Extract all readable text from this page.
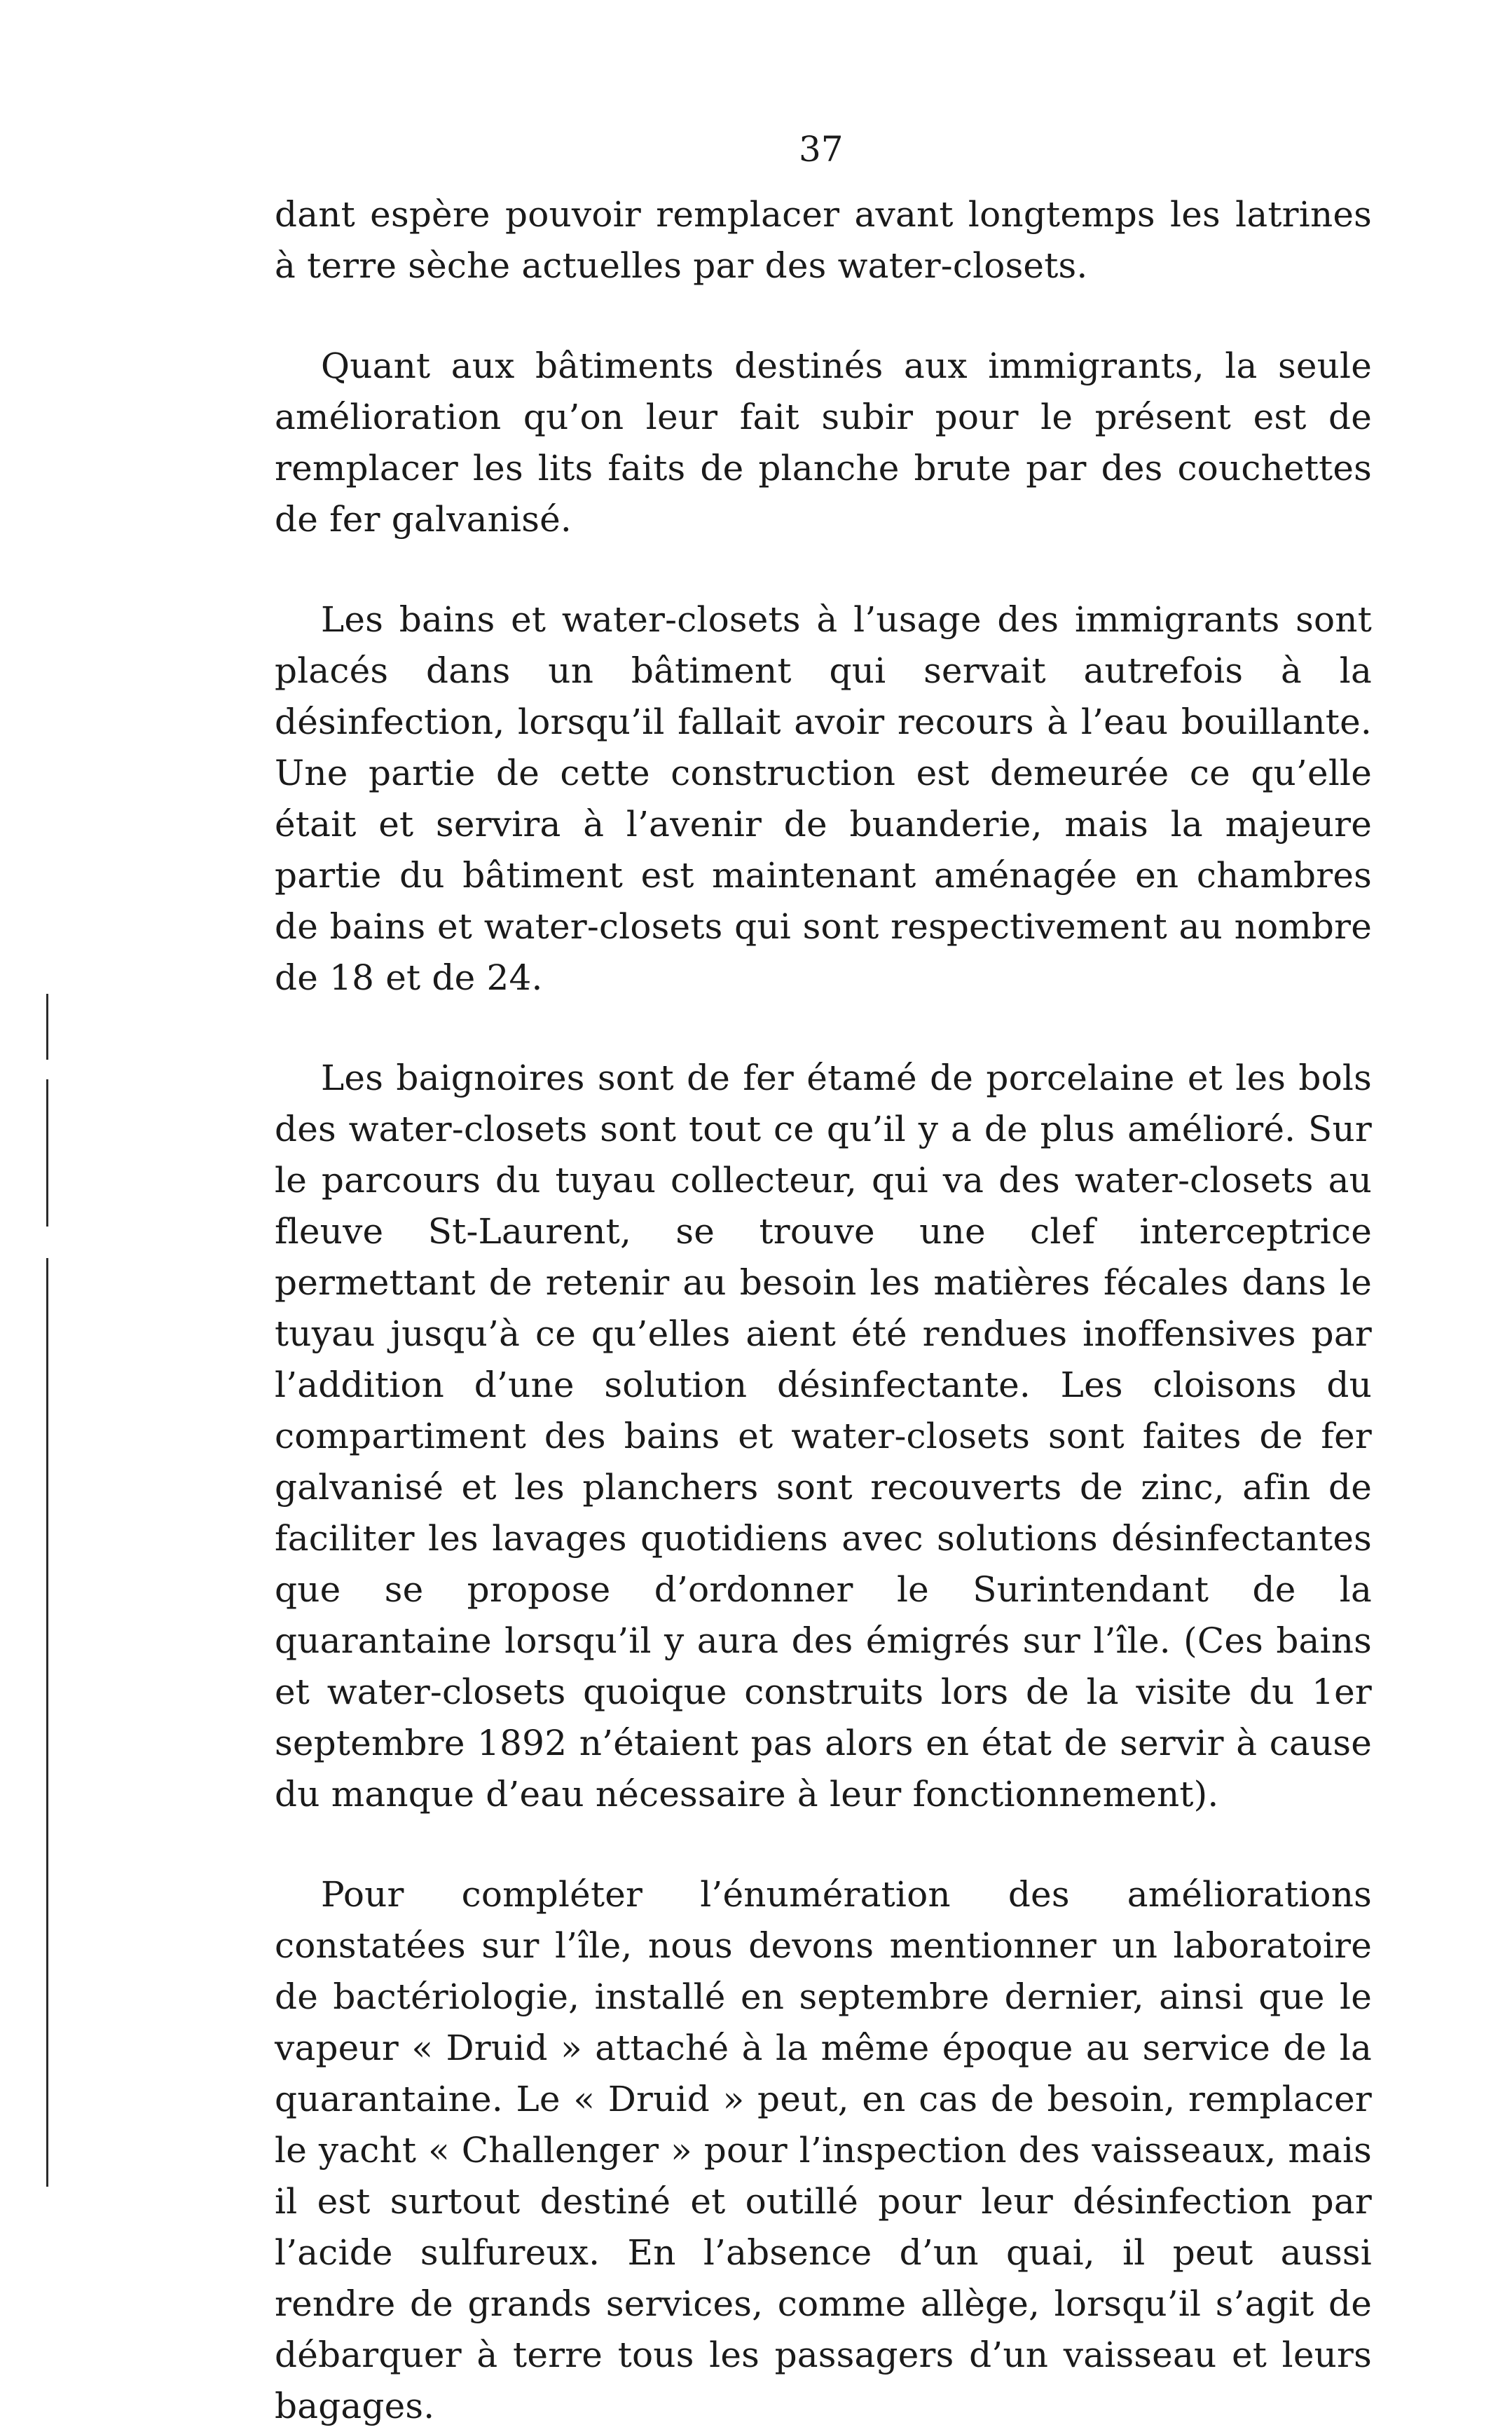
37

dant espère pouvoir remplacer avant longtemps les latrines à terre sèche actuelles par des water-closets.

Quant aux bâtiments destinés aux immigrants, la seule amélioration qu’on leur fait subir pour le présent est de remplacer les lits faits de planche brute par des couchettes de fer galvanisé.

Les bains et water-closets à l’usage des immigrants sont placés dans un bâtiment qui servait autrefois à la désinfection, lorsqu’il fallait avoir recours à l’eau bouillante. Une partie de cette construction est demeurée ce qu’elle était et servira à l’avenir de buanderie, mais la majeure partie du bâtiment est maintenant aménagée en chambres de bains et water-closets qui sont respectivement au nombre de 18 et de 24.

Les baignoires sont de fer étamé de porcelaine et les bols des water-closets sont tout ce qu’il y a de plus amélioré. Sur le parcours du tuyau collecteur, qui va des water-closets au fleuve St-Laurent, se trouve une clef interceptrice permettant de retenir au besoin les matières fécales dans le tuyau jusqu’à ce qu’elles aient été rendues inoffensives par l’addition d’une solution désinfectante. Les cloisons du compartiment des bains et water-closets sont faites de fer galvanisé et les planchers sont recouverts de zinc, afin de faciliter les lavages quotidiens avec solutions désinfectantes que se propose d’ordonner le Surintendant de la quarantaine lorsqu’il y aura des émigrés sur l’île. (Ces bains et water-closets quoique construits lors de la visite du 1er septembre 1892 n’étaient pas alors en état de servir à cause du manque d’eau nécessaire à leur fonctionnement).

Pour compléter l’énumération des améliorations constatées sur l’île, nous devons mentionner un laboratoire de bactériologie, installé en septembre dernier, ainsi que le vapeur « Druid » attaché à la même époque au service de la quarantaine. Le « Druid » peut, en cas de besoin, remplacer le yacht « Challenger » pour l’inspection des vaisseaux, mais il est surtout destiné et outillé pour leur désinfection par l’acide sulfureux. En l’absence d’un quai, il peut aussi rendre de grands services, comme allège, lorsqu’il s’agit de débarquer à terre tous les passagers d’un vaisseau et leurs bagages.
